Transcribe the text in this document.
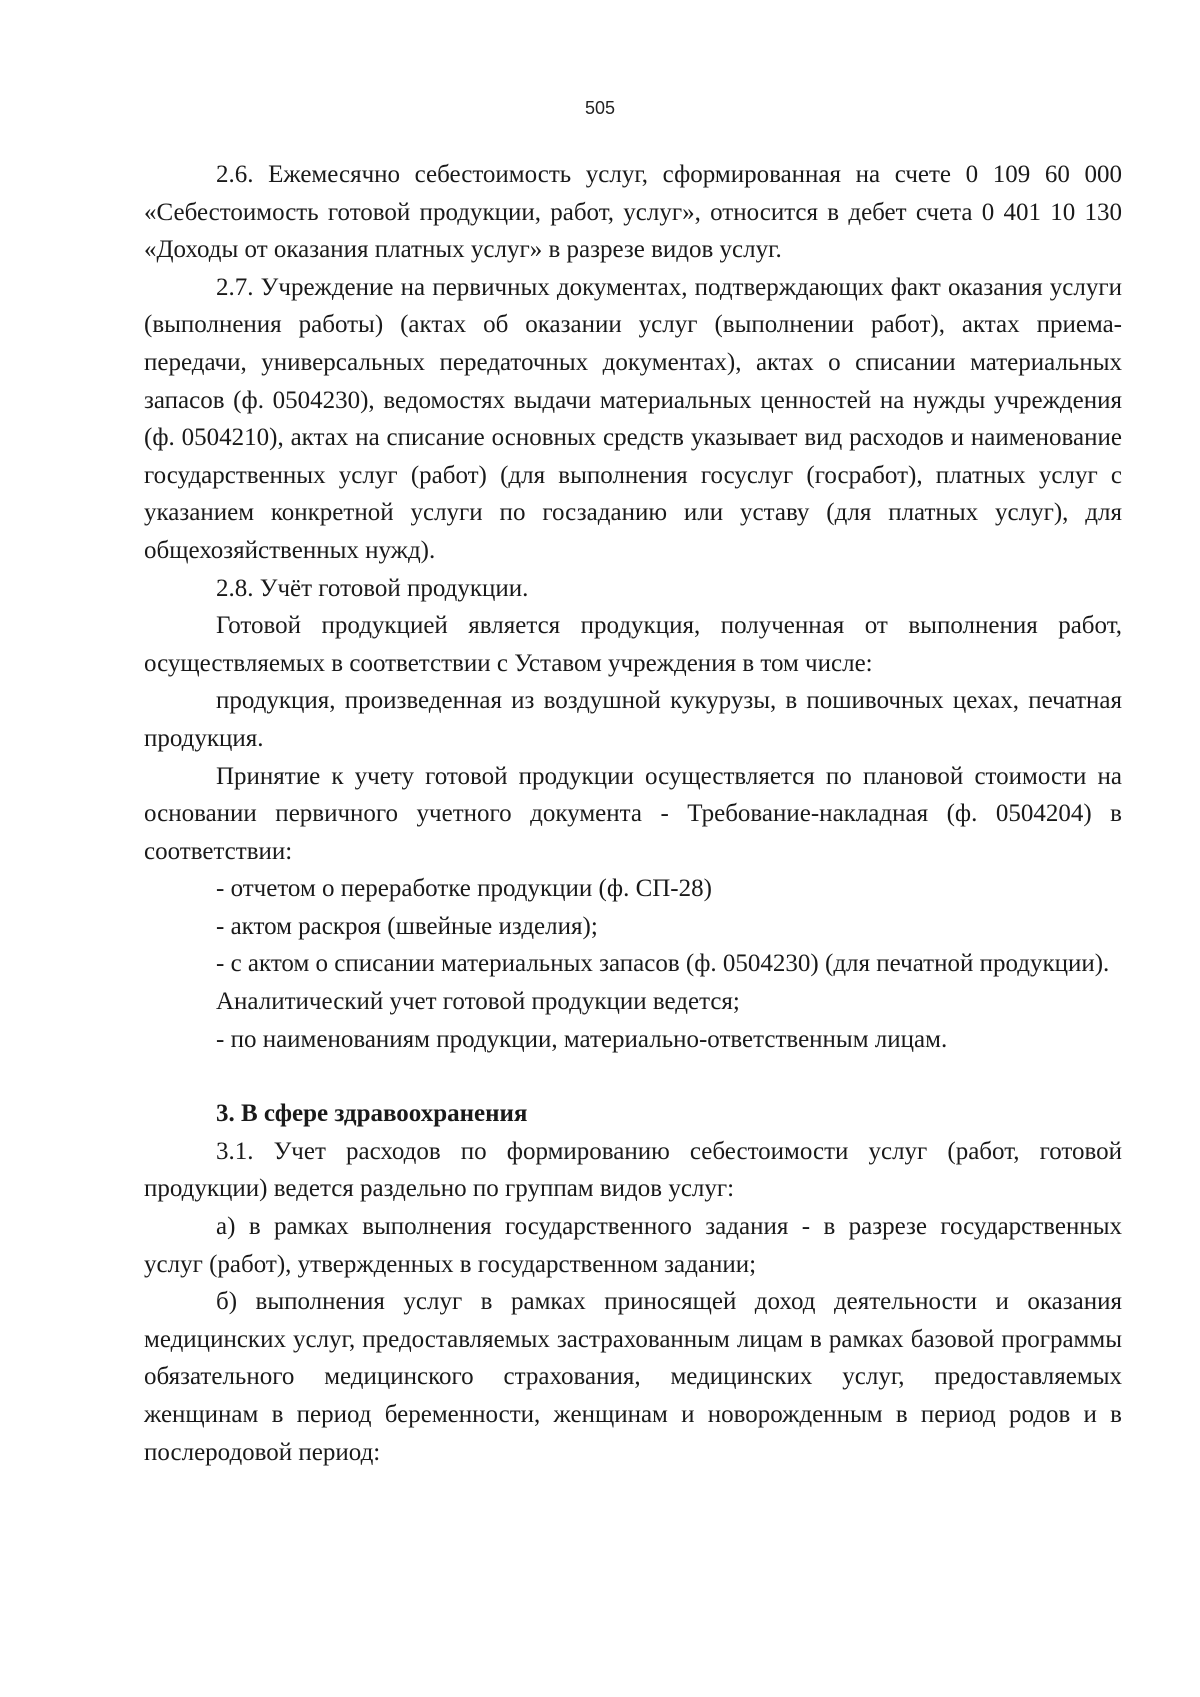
505

2.6. Ежемесячно себестоимость услуг, сформированная на счете 0 109 60 000 «Себестоимость готовой продукции, работ, услуг», относится в дебет счета 0 401 10 130 «Доходы от оказания платных услуг» в разрезе видов услуг.

2.7. Учреждение на первичных документах, подтверждающих факт оказания услуги (выполнения работы) (актах об оказании услуг (выполнении работ), актах приема-передачи, универсальных передаточных документах), актах о списании материальных запасов (ф. 0504230), ведомостях выдачи материальных ценностей на нужды учреждения (ф. 0504210), актах на списание основных средств указывает вид расходов и наименование государственных услуг (работ) (для выполнения госуслуг (госработ), платных услуг с указанием конкретной услуги по госзаданию или уставу (для платных услуг), для общехозяйственных нужд).

2.8. Учёт готовой продукции.

Готовой продукцией является продукция, полученная от выполнения работ, осуществляемых в соответствии с Уставом учреждения в том числе:

продукция, произведенная из воздушной кукурузы, в пошивочных цехах, печатная продукция.

Принятие к учету готовой продукции осуществляется по плановой стоимости на основании первичного учетного документа - Требование-накладная (ф. 0504204) в соответствии:

- отчетом о переработке продукции (ф. СП-28)

- актом раскроя (швейные изделия);

- с актом о списании материальных запасов (ф. 0504230) (для печатной продукции).

Аналитический учет готовой продукции ведется;

- по наименованиям продукции, материально-ответственным лицам.

3. В сфере здравоохранения

3.1. Учет расходов по формированию себестоимости услуг (работ, готовой продукции) ведется раздельно по группам видов услуг:

а) в рамках выполнения государственного задания - в разрезе государственных услуг (работ), утвержденных в государственном задании;

б) выполнения услуг в рамках приносящей доход деятельности и оказания медицинских услуг, предоставляемых застрахованным лицам в рамках базовой программы обязательного медицинского страхования, медицинских услуг, предоставляемых женщинам в период беременности, женщинам и новорожденным в период родов и в послеродовой период:
